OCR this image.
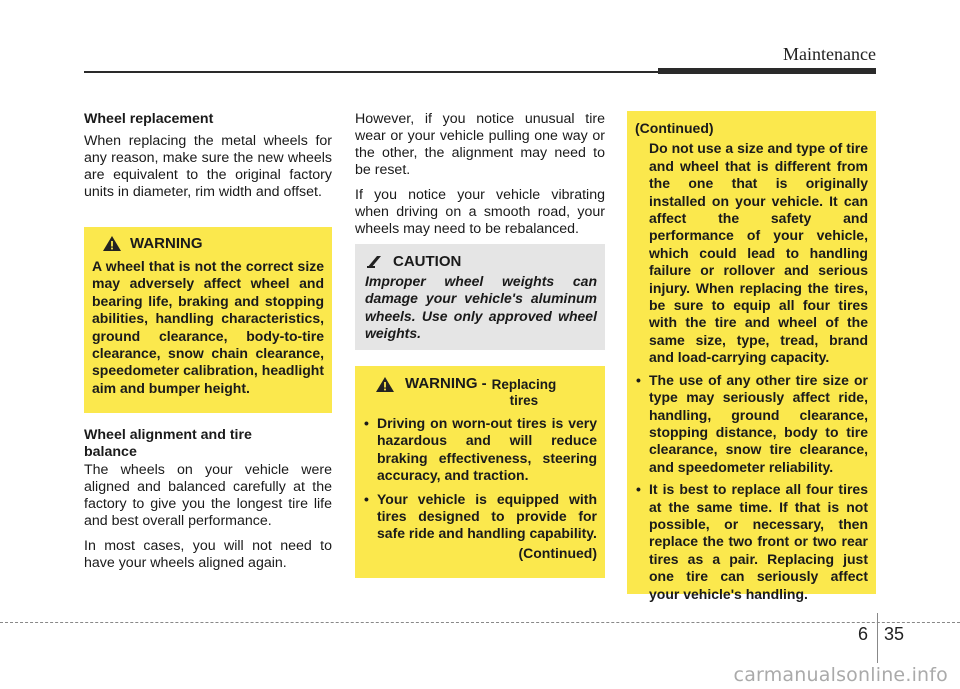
Maintenance
Wheel replacement

When replacing the metal wheels for any reason, make sure the new wheels are equivalent to the original factory units in diameter, rim width and offset.

WARNING
A wheel that is not the correct size may adversely affect wheel and bearing life, braking and stopping abilities, handling characteristics, ground clearance, body-to-tire clearance, snow chain clearance, speedometer calibration, headlight aim and bumper height.
Wheel alignment and tire
balance

The wheels on your vehicle were aligned and balanced carefully at the factory to give you the longest tire life and best overall performance.

In most cases, you will not need to have your wheels aligned again.

However, if you notice unusual tire wear or your vehicle pulling one way or the other, the alignment may need to be reset.

If you notice your vehicle vibrating when driving on a smooth road, your wheels may need to be rebalanced.

CAUTION
Improper wheel weights can damage your vehicle's aluminum wheels. Use only approved wheel weights.
WARNING - Replacing
tires
• Driving on worn-out tires is very hazardous and will reduce braking effectiveness, steering accuracy, and traction.
• Your vehicle is equipped with tires designed to provide for safe ride and handling capability.
(Continued)
(Continued)
Do not use a size and type of tire and wheel that is different from the one that is originally installed on your vehicle. It can affect the safety and performance of your vehicle, which could lead to handling failure or rollover and serious injury. When replacing the tires, be sure to equip all four tires with the tire and wheel of the same size, type, tread, brand and load-carrying capacity.
• The use of any other tire size or type may seriously affect ride, handling, ground clearance, stopping distance, body to tire clearance, snow tire clearance, and speedometer reliability.
• It is best to replace all four tires at the same time. If that is not possible, or necessary, then replace the two front or two rear tires as a pair. Replacing just one tire can seriously affect your vehicle's handling.
6 35
carmanualsonline.info
